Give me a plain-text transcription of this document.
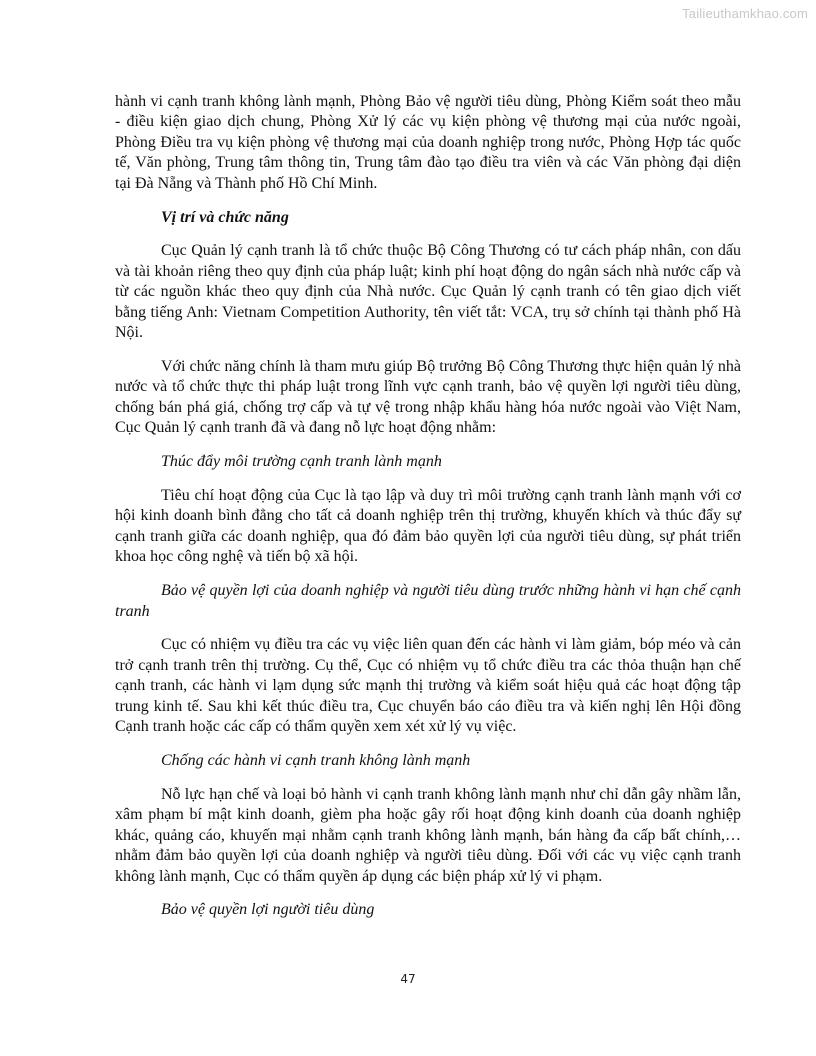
Tailieuthamkhao.com

hành vi cạnh tranh không lành mạnh, Phòng Bảo vệ người tiêu dùng, Phòng Kiểm soát theo mẫu - điều kiện giao dịch chung, Phòng Xử lý các vụ kiện phòng vệ thương mại của nước ngoài, Phòng Điều tra vụ kiện phòng vệ thương mại của doanh nghiệp trong nước, Phòng Hợp tác quốc tế, Văn phòng, Trung tâm thông tin, Trung tâm đào tạo điều tra viên và các Văn phòng đại diện tại Đà Nẵng và Thành phố Hồ Chí Minh.

Vị trí và chức năng

Cục Quản lý cạnh tranh là tổ chức thuộc Bộ Công Thương có tư cách pháp nhân, con dấu và tài khoản riêng theo quy định của pháp luật; kinh phí hoạt động do ngân sách nhà nước cấp và từ các nguồn khác theo quy định của Nhà nước. Cục Quản lý cạnh tranh có tên giao dịch viết bằng tiếng Anh: Vietnam Competition Authority, tên viết tắt: VCA, trụ sở chính tại thành phố Hà Nội.

Với chức năng chính là tham mưu giúp Bộ trưởng Bộ Công Thương thực hiện quản lý nhà nước và tổ chức thực thi pháp luật trong lĩnh vực cạnh tranh, bảo vệ quyền lợi người tiêu dùng, chống bán phá giá, chống trợ cấp và tự vệ trong nhập khẩu hàng hóa nước ngoài vào Việt Nam, Cục Quản lý cạnh tranh đã và đang nỗ lực hoạt động nhằm:

Thúc đẩy môi trường cạnh tranh lành mạnh

Tiêu chí hoạt động của Cục là tạo lập và duy trì môi trường cạnh tranh lành mạnh với cơ hội kinh doanh bình đẳng cho tất cả doanh nghiệp trên thị trường, khuyến khích và thúc đẩy sự cạnh tranh giữa các doanh nghiệp, qua đó đảm bảo quyền lợi của người tiêu dùng, sự phát triển khoa học công nghệ và tiến bộ xã hội.

Bảo vệ quyền lợi của doanh nghiệp và người tiêu dùng trước những hành vi hạn chế cạnh tranh

Cục có nhiệm vụ điều tra các vụ việc liên quan đến các hành vi làm giảm, bóp méo và cản trở cạnh tranh trên thị trường. Cụ thể, Cục có nhiệm vụ tổ chức điều tra các thỏa thuận hạn chế cạnh tranh, các hành vi lạm dụng sức mạnh thị trường và kiểm soát hiệu quả các hoạt động tập trung kinh tế. Sau khi kết thúc điều tra, Cục chuyển báo cáo điều tra và kiến nghị lên Hội đồng Cạnh tranh hoặc các cấp có thẩm quyền xem xét xử lý vụ việc.

Chống các hành vi cạnh tranh không lành mạnh

Nỗ lực hạn chế và loại bỏ hành vi cạnh tranh không lành mạnh như chỉ dẫn gây nhầm lẫn, xâm phạm bí mật kinh doanh, gièm pha hoặc gây rối hoạt động kinh doanh của doanh nghiệp khác, quảng cáo, khuyến mại nhằm cạnh tranh không lành mạnh, bán hàng đa cấp bất chính,… nhằm đảm bảo quyền lợi của doanh nghiệp và người tiêu dùng. Đối với các vụ việc cạnh tranh không lành mạnh, Cục có thẩm quyền áp dụng các biện pháp xử lý vi phạm.

Bảo vệ quyền lợi người tiêu dùng

47
